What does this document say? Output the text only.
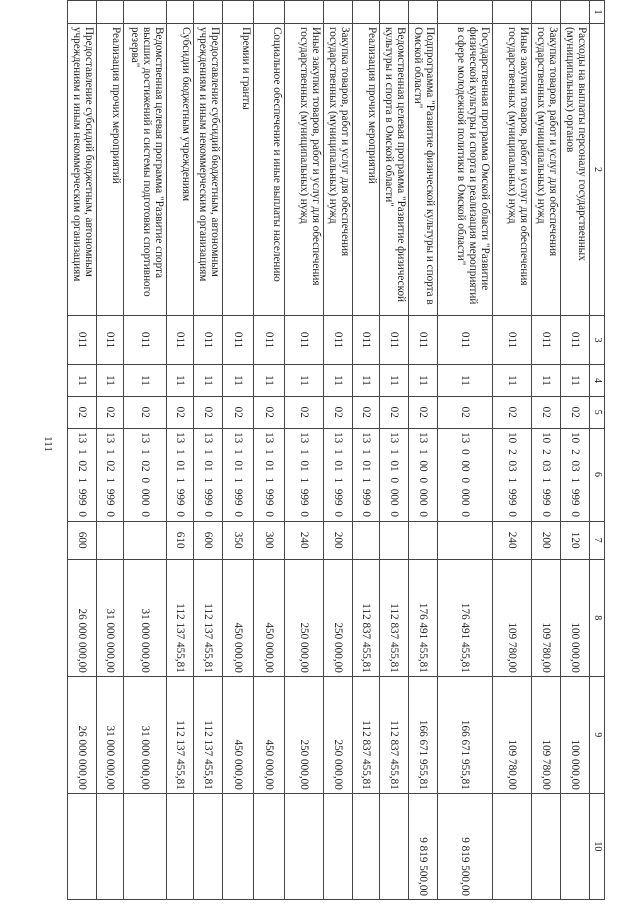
111
1	2	3	4	5	6	7	8	9	10
	Расходы на выплаты персоналу государственных (муниципальных) органов	011	11	02	10 2 03 1 999 0	120	100 000,00	100 000,00	
	Закупка товаров, работ и услуг для обеспечения государственных (муниципальных) нужд	011	11	02	10 2 03 1 999 0	200	109 780,00	109 780,00	
	Иные закупки товаров, работ и услуг для обеспечения государственных (муниципальных) нужд	011	11	02	10 2 03 1 999 0	240	109 780,00	109 780,00	
	Государственная программа Омской области "Развитие физической культуры и спорта и реализация мероприятий в сфере молодежной политики в Омской области"	011	11	02	13 0 00 0 000 0		176 491 455,81	166 671 955,81	9 819 500,00
	Подпрограмма "Развитие физической культуры и спорта в Омской области"	011	11	02	13 1 00 0 000 0		176 491 455,81	166 671 955,81	9 819 500,00
	Ведомственная целевая программа "Развитие физической культуры и спорта в Омской области"	011	11	02	13 1 01 0 000 0		112 837 455,81	112 837 455,81	
	Реализация прочих мероприятий	011	11	02	13 1 01 1 999 0		112 837 455,81	112 837 455,81	
	Закупка товаров, работ и услуг для обеспечения государственных (муниципальных) нужд	011	11	02	13 1 01 1 999 0	200	250 000,00	250 000,00	
	Иные закупки товаров, работ и услуг для обеспечения государственных (муниципальных) нужд	011	11	02	13 1 01 1 999 0	240	250 000,00	250 000,00	
	Социальное обеспечение и иные выплаты населению	011	11	02	13 1 01 1 999 0	300	450 000,00	450 000,00	
	Премии и гранты	011	11	02	13 1 01 1 999 0	350	450 000,00	450 000,00	
	Предоставление субсидий бюджетным, автономным учреждениям и иным некоммерческим организациям	011	11	02	13 1 01 1 999 0	600	112 137 455,81	112 137 455,81	
	Субсидии бюджетным учреждениям	011	11	02	13 1 01 1 999 0	610	112 137 455,81	112 137 455,81	
	Ведомственная целевая программа "Развитие спорта высших достижений и системы подготовки спортивного резерва"	011	11	02	13 1 02 0 000 0		31 000 000,00	31 000 000,00	
	Реализация прочих мероприятий	011	11	02	13 1 02 1 999 0		31 000 000,00	31 000 000,00	
	Предоставление субсидий бюджетным, автономным учреждениям и иным некоммерческим организациям	011	11	02	13 1 02 1 999 0	600	26 000 000,00	26 000 000,00	
